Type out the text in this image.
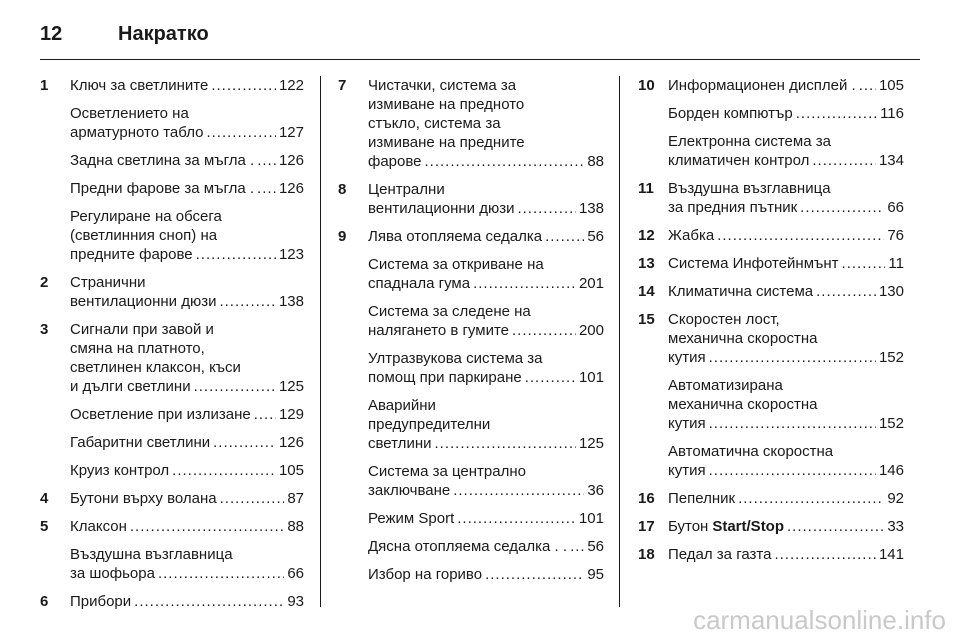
12	Накратко
1 Ключ за светлините .....	122
Осветлението на
арматурното табло .....	127
Задна светлина за мъгла . ..... 126
Предни фарове за мъгла . ..... 126
Регулиране на обсега
(светлинния сноп) на
предните фарове .....	123
2 Странични
вентилационни дюзи .....	138
3 Сигнали при завой и
смяна на платното,
светлинен клаксон, къси
и дълги светлини .....	125
Осветление при излизане ..... 129
Габаритни светлини .....	126
Круиз контрол .....	105
4 Бутони върху волана .....	87
5 Клаксон .....	88
Въздушна възглавница
за шофьора .....	66
6 Прибори .....	93
7 Чистачки, система за
измиване на предното
стъкло, система за
измиване на предните
фарове .....	88
8 Централни
вентилационни дюзи .....	138
9 Лява отопляема седалка .....	56
Система за откриване на
спаднала гума .....	201
Система за следене на
налягането в гумите .....	200
Ултразвукова система за
помощ при паркиране .....	101
Аварийни
предупредителни
светлини .....	125
Система за централно
заключване .....	36
Режим Sport .....	101
Дясна отопляема седалка . . ..... 56
Избор на гориво .....	95
10 Информационен дисплей . ..... 105
Борден компютър .....	116
Електронна система за
климатичен контрол .....	134
11 Въздушна възглавница
за предния пътник .....	66
12 Жабка .....	76
13 Система Инфотейнмънт .....	11
14 Климатична система .....	130
15 Скоростен лост,
механична скоростна
кутия .....	152
Автоматизирана
механична скоростна
кутия .....	152
Автоматична скоростна
кутия .....	146
16 Пепелник .....	92
17 Бутон Start/Stop .....	33
18 Педал за газта .....	141
carmanualsonline.info
